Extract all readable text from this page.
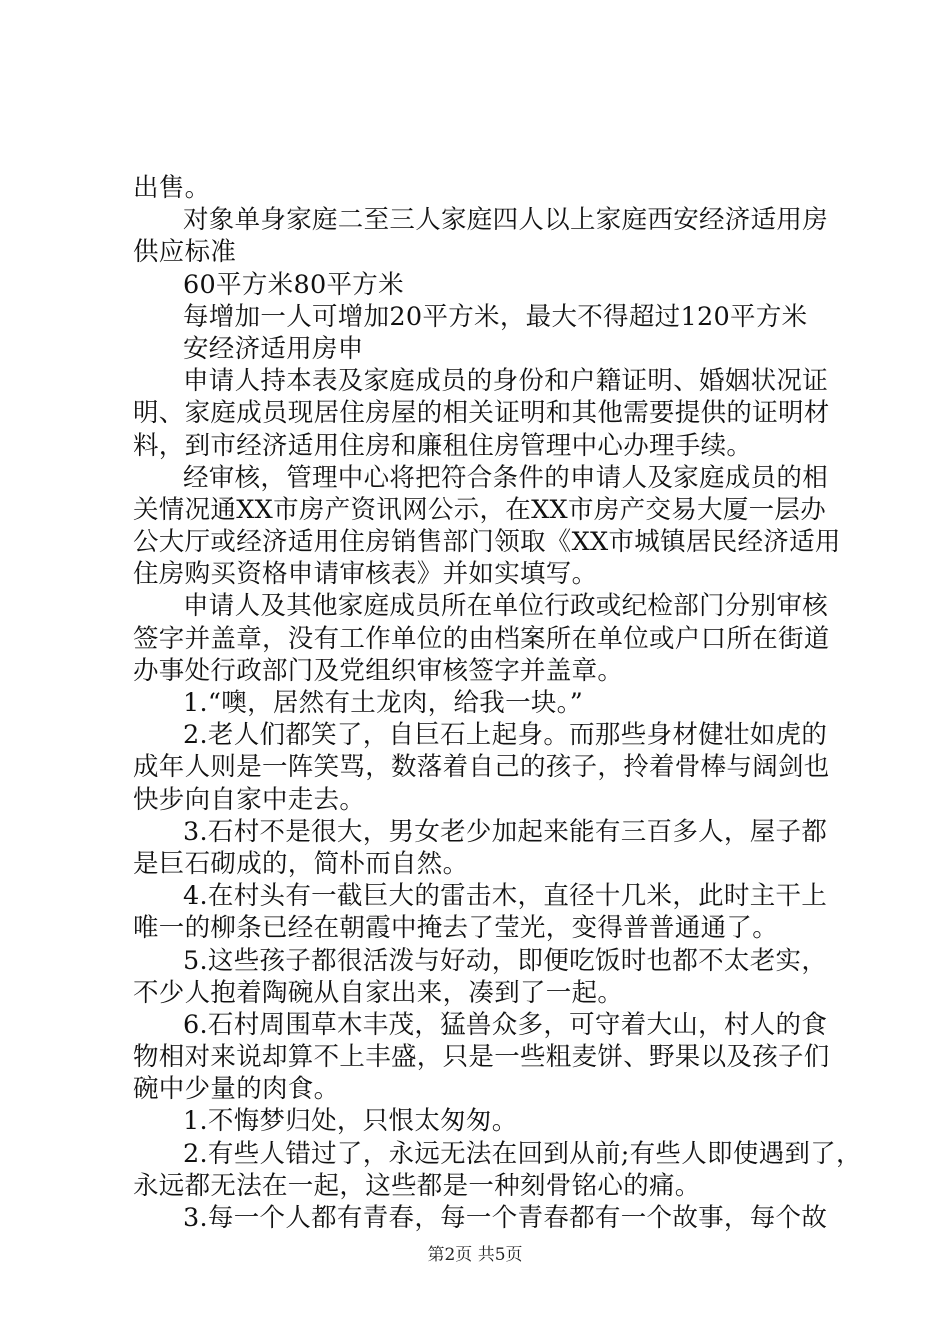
出售。
对象单身家庭二至三人家庭四人以上家庭西安经济适用房
供应标准
60平方米80平方米
每增加一人可增加20平方米，最大不得超过120平方米
安经济适用房申
申请人持本表及家庭成员的身份和户籍证明、婚姻状况证
明、家庭成员现居住房屋的相关证明和其他需要提供的证明材
料，到市经济适用住房和廉租住房管理中心办理手续。
经审核，管理中心将把符合条件的申请人及家庭成员的相
关情况通XX市房产资讯网公示，在XX市房产交易大厦一层办
公大厅或经济适用住房销售部门领取《XX市城镇居民经济适用
住房购买资格申请审核表》并如实填写。
申请人及其他家庭成员所在单位行政或纪检部门分别审核
签字并盖章，没有工作单位的由档案所在单位或户口所在街道
办事处行政部门及党组织审核签字并盖章。
1.“噢，居然有土龙肉，给我一块。”
2.老人们都笑了，自巨石上起身。而那些身材健壮如虎的
成年人则是一阵笑骂，数落着自己的孩子，拎着骨棒与阔剑也
快步向自家中走去。
3.石村不是很大，男女老少加起来能有三百多人，屋子都
是巨石砌成的，简朴而自然。
4.在村头有一截巨大的雷击木，直径十几米，此时主干上
唯一的柳条已经在朝霞中掩去了莹光，变得普普通通了。
5.这些孩子都很活泼与好动，即便吃饭时也都不太老实，
不少人抱着陶碗从自家出来，凑到了一起。
6.石村周围草木丰茂，猛兽众多，可守着大山，村人的食
物相对来说却算不上丰盛，只是一些粗麦饼、野果以及孩子们
碗中少量的肉食。
1.不悔梦归处，只恨太匆匆。
2.有些人错过了，永远无法在回到从前;有些人即使遇到了，
永远都无法在一起，这些都是一种刻骨铭心的痛。
3.每一个人都有青春，每一个青春都有一个故事，每个故
第2页 共5页
